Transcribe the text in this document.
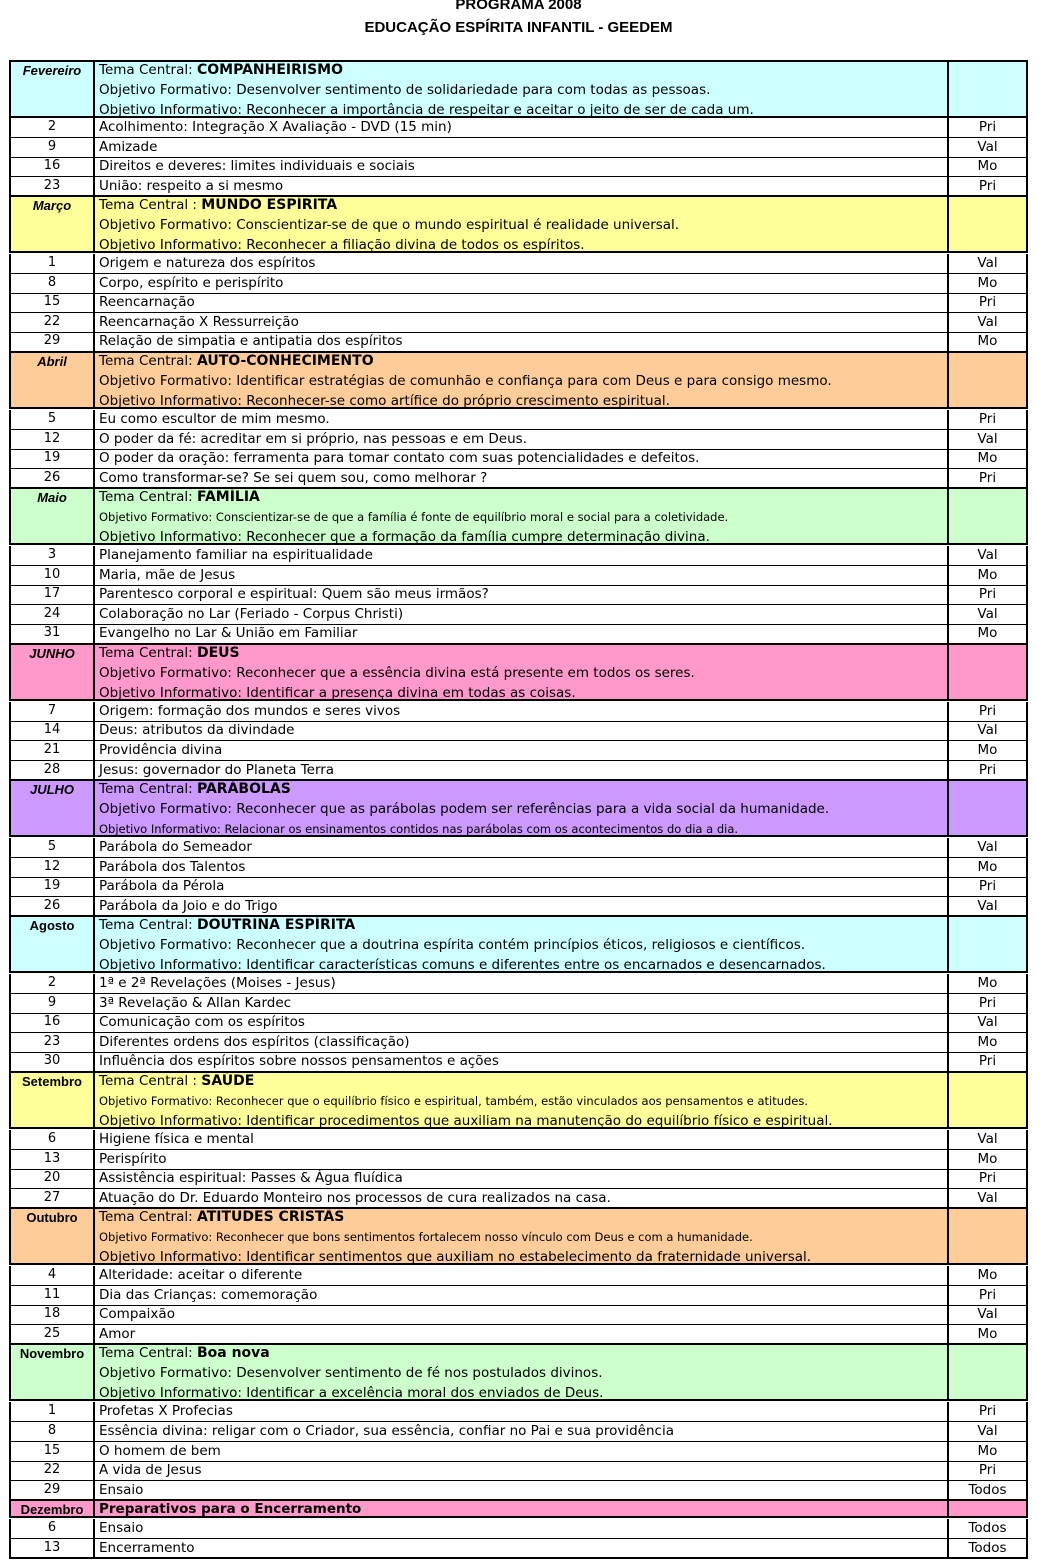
PROGRAMA 2008
EDUCAÇÃO ESPÍRITA INFANTIL - GEEDEM
Fevereiro	Tema Central: COMPANHEIRISMO
Objetivo Formativo: Desenvolver sentimento de solidariedade para com todas as pessoas.
Objetivo Informativo: Reconhecer a importância de respeitar e aceitar o jeito de ser de cada um.
2	Acolhimento: Integração X Avaliação - DVD (15 min)	Pri
9	Amizade	Val
16	Direitos e deveres: limites individuais e sociais	Mo
23	União: respeito a si mesmo	Pri
Março	Tema Central : MUNDO ESPÍRITA
Objetivo Formativo: Conscientizar-se de que o mundo espiritual é realidade universal.
Objetivo Informativo: Reconhecer a filiação divina de todos os espíritos.
1	Origem e natureza dos espíritos	Val
8	Corpo, espírito e perispírito	Mo
15	Reencarnação	Pri
22	Reencarnação X Ressurreição	Val
29	Relação de simpatia e antipatia dos espíritos	Mo
Abril	Tema Central: AUTO-CONHECIMENTO
Objetivo Formativo: Identificar estratégias de comunhão e confiança para com Deus e para consigo mesmo.
Objetivo Informativo: Reconhecer-se como artífice do próprio crescimento espiritual.
5	Eu como escultor de mim mesmo.	Pri
12	O poder da fé: acreditar em si próprio, nas pessoas e em Deus.	Val
19	O poder da oração: ferramenta para tomar contato com suas potencialidades e defeitos.	Mo
26	Como transformar-se? Se sei quem sou, como melhorar ?	Pri
Maio	Tema Central: FAMÍLIA
Objetivo Formativo: Conscientizar-se de que a família é fonte de equilíbrio moral e social para a coletividade.
Objetivo Informativo: Reconhecer que a formação da família cumpre determinação divina.
3	Planejamento familiar na espiritualidade	Val
10	Maria, mãe de Jesus	Mo
17	Parentesco corporal e espiritual: Quem são meus irmãos?	Pri
24	Colaboração no Lar (Feriado - Corpus Christi)	Val
31	Evangelho no Lar & União em Familiar	Mo
JUNHO	Tema Central: DEUS
Objetivo Formativo: Reconhecer que a essência divina está presente em todos os seres.
Objetivo Informativo: Identificar a presença divina em todas as coisas.
7	Origem: formação dos mundos e seres vivos	Pri
14	Deus: atributos da divindade	Val
21	Providência divina	Mo
28	Jesus: governador do Planeta Terra	Pri
JULHO	Tema Central: PARÁBOLAS
Objetivo Formativo: Reconhecer que as parábolas podem ser referências para a vida social da humanidade.
Objetivo Informativo: Relacionar os ensinamentos contidos nas parábolas com os acontecimentos do dia a dia.
5	Parábola do Semeador	Val
12	Parábola dos Talentos	Mo
19	Parábola da Pérola	Pri
26	Parábola da Joio e do Trigo	Val
Agosto	Tema Central: DOUTRINA ESPÍRITA
Objetivo Formativo: Reconhecer que a doutrina espírita contém princípios éticos, religiosos e científicos.
Objetivo Informativo: Identificar características comuns e diferentes entre os encarnados e desencarnados.
2	1ª e 2ª Revelações (Moises - Jesus)	Mo
9	3ª Revelação & Allan Kardec	Pri
16	Comunicação com os espíritos	Val
23	Diferentes ordens dos espíritos (classificação)	Mo
30	Influência dos espíritos sobre nossos pensamentos e ações	Pri
Setembro	Tema Central : SAÚDE
Objetivo Formativo: Reconhecer que o equilíbrio físico e espiritual, também, estão vinculados aos pensamentos e atitudes.
Objetivo Informativo: Identificar procedimentos que auxiliam na manutenção do equilíbrio físico e espiritual.
6	Higiene física e mental	Val
13	Perispírito	Mo
20	Assistência espiritual: Passes & Água fluídica	Pri
27	Atuação do Dr. Eduardo Monteiro nos processos de cura realizados na casa.	Val
Outubro	Tema Central: ATITUDES CRISTÃS
Objetivo Formativo: Reconhecer que bons sentimentos fortalecem nosso vínculo com Deus e com a humanidade.
Objetivo Informativo: Identificar sentimentos que auxiliam no estabelecimento da fraternidade universal.
4	Alteridade: aceitar o diferente	Mo
11	Dia das Crianças: comemoração	Pri
18	Compaixão	Val
25	Amor	Mo
Novembro	Tema Central: Boa nova
Objetivo Formativo: Desenvolver sentimento de fé nos postulados divinos.
Objetivo Informativo: Identificar a excelência moral dos enviados de Deus.
1	Profetas X Profecias	Pri
8	Essência divina: religar com o Criador, sua essência, confiar no Pai e sua providência	Val
15	O homem de bem	Mo
22	A vida de Jesus	Pri
29	Ensaio	Todos
Dezembro	Preparativos para o Encerramento
6	Ensaio	Todos
13	Encerramento	Todos
